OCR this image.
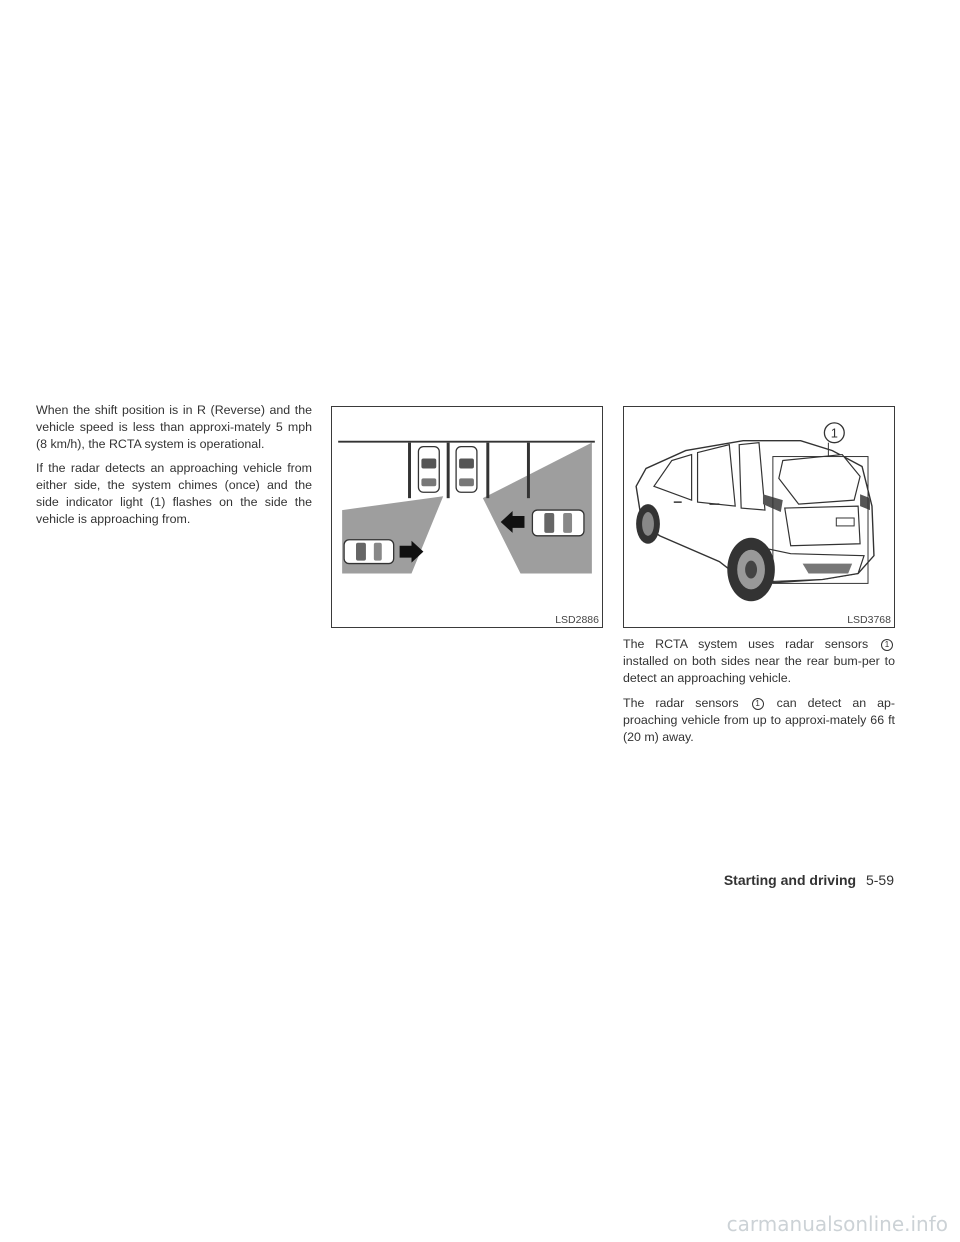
When the shift position is in R (Reverse) and the vehicle speed is less than approxi-mately 5 mph (8 km/h), the RCTA system is operational.

If the radar detects an approaching vehicle from either side, the system chimes (once) and the side indicator light (1) flashes on the side the vehicle is approaching from.

LSD2886
1
LSD3768

The RCTA system uses radar sensors 1 installed on both sides near the rear bum-per to detect an approaching vehicle.

The radar sensors 1 can detect an ap-proaching vehicle from up to approxi-mately 66 ft (20 m) away.

Starting and driving 5-59
carmanualsonline.info
